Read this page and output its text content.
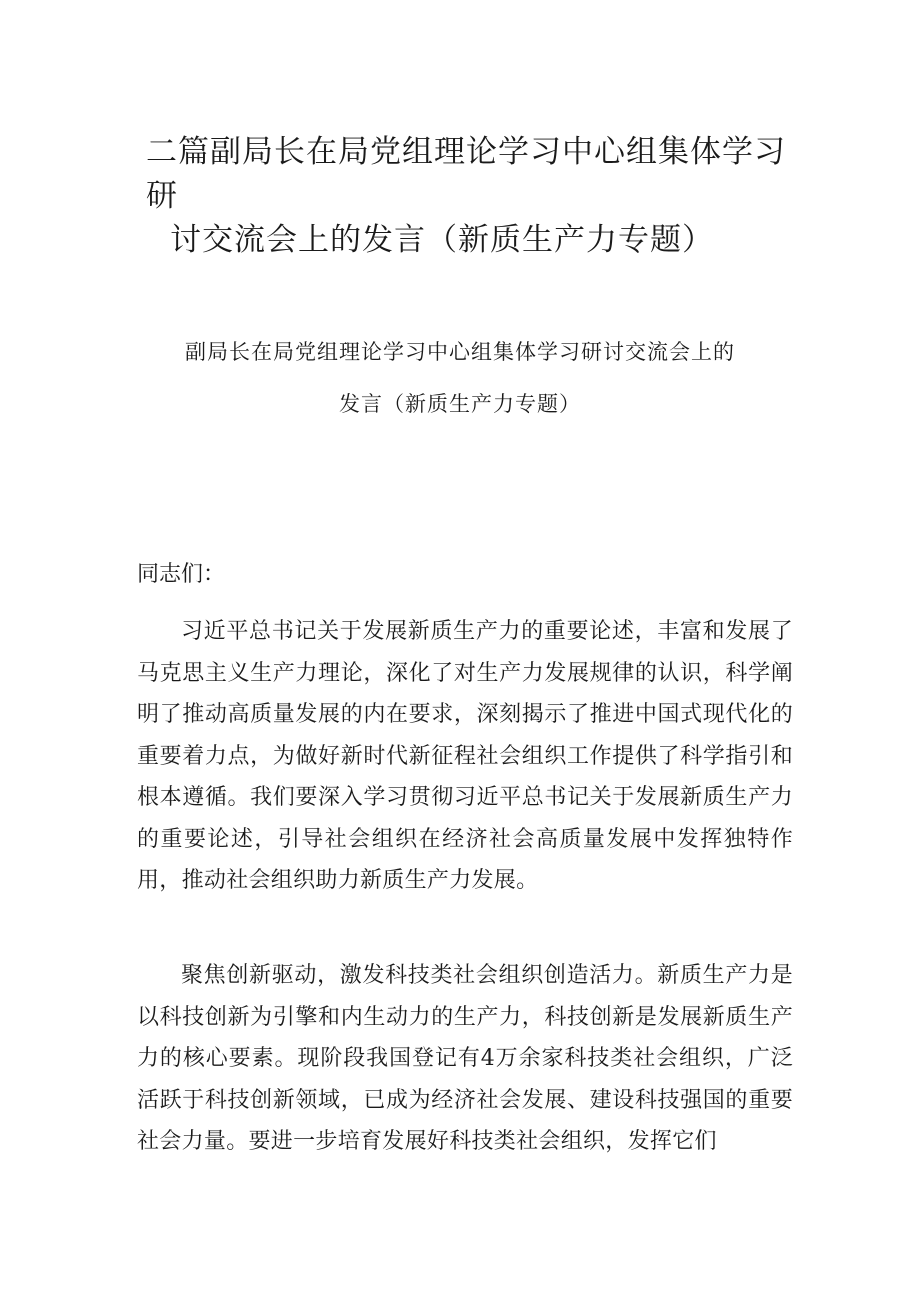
二篇副局长在局党组理论学习中心组集体学习研
讨交流会上的发言（新质生产力专题）
副局长在局党组理论学习中心组集体学习研讨交流会上的
发言（新质生产力专题）

同志们：

习近平总书记关于发展新质生产力的重要论述，丰富和发展了马克思主义生产力理论，深化了对生产力发展规律的认识，科学阐明了推动高质量发展的内在要求，深刻揭示了推进中国式现代化的重要着力点，为做好新时代新征程社会组织工作提供了科学指引和根本遵循。我们要深入学习贯彻习近平总书记关于发展新质生产力的重要论述，引导社会组织在经济社会高质量发展中发挥独特作用，推动社会组织助力新质生产力发展。

聚焦创新驱动，激发科技类社会组织创造活力。新质生产力是以科技创新为引擎和内生动力的生产力，科技创新是发展新质生产力的核心要素。现阶段我国登记有4万余家科技类社会组织，广泛活跃于科技创新领域，已成为经济社会发展、建设科技强国的重要社会力量。要进一步培育发展好科技类社会组织，发挥它们
